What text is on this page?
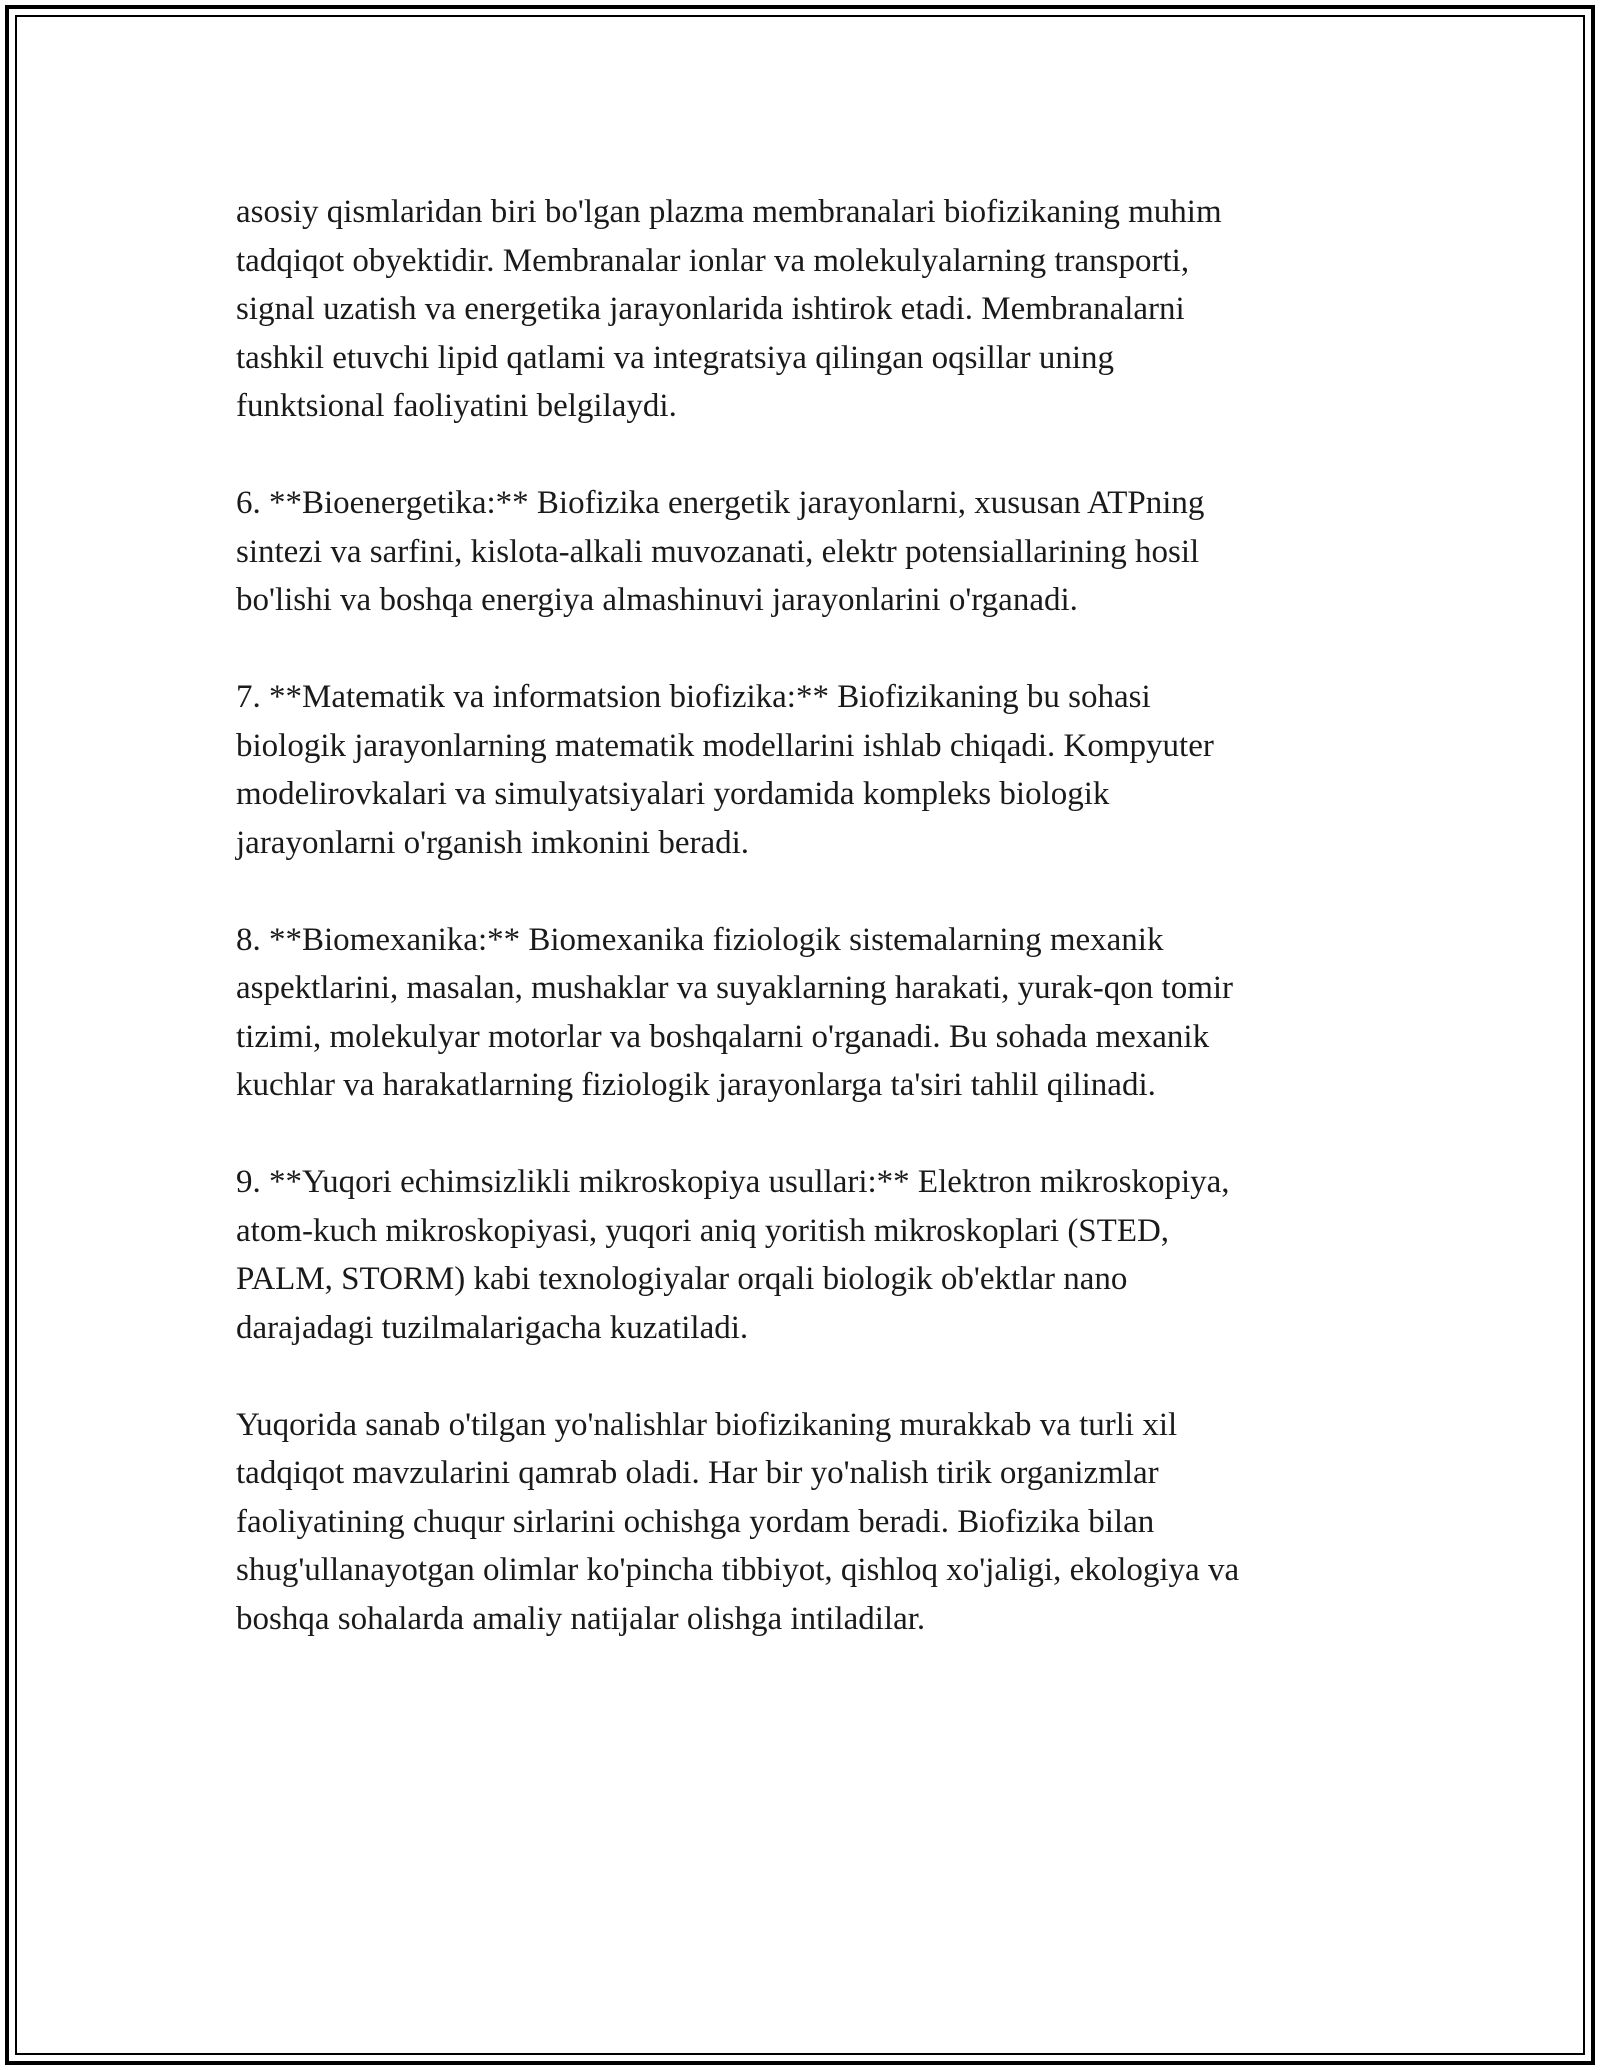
asosiy qismlaridan biri bo'lgan plazma membranalari biofizikaning muhim
tadqiqot obyektidir. Membranalar ionlar va molekulyalarning transporti,
signal uzatish va energetika jarayonlarida ishtirok etadi. Membranalarni
tashkil etuvchi lipid qatlami va integratsiya qilingan oqsillar uning
funktsional faoliyatini belgilaydi.

6. **Bioenergetika:** Biofizika energetik jarayonlarni, xususan ATPning
sintezi va sarfini, kislota-alkali muvozanati, elektr potensiallarining hosil
bo'lishi va boshqa energiya almashinuvi jarayonlarini o'rganadi.

7. **Matematik va informatsion biofizika:** Biofizikaning bu sohasi
biologik jarayonlarning matematik modellarini ishlab chiqadi. Kompyuter
modelirovkalari va simulyatsiyalari yordamida kompleks biologik
jarayonlarni o'rganish imkonini beradi.

8. **Biomexanika:** Biomexanika fiziologik sistemalarning mexanik
aspektlarini, masalan, mushaklar va suyaklarning harakati, yurak-qon tomir
tizimi, molekulyar motorlar va boshqalarni o'rganadi. Bu sohada mexanik
kuchlar va harakatlarning fiziologik jarayonlarga ta'siri tahlil qilinadi.

9. **Yuqori echimsizlikli mikroskopiya usullari:** Elektron mikroskopiya,
atom-kuch mikroskopiyasi, yuqori aniq yoritish mikroskoplari (STED,
PALM, STORM) kabi texnologiyalar orqali biologik ob'ektlar nano
darajadagi tuzilmalarigacha kuzatiladi.

Yuqorida sanab o'tilgan yo'nalishlar biofizikaning murakkab va turli xil
tadqiqot mavzularini qamrab oladi. Har bir yo'nalish tirik organizmlar
faoliyatining chuqur sirlarini ochishga yordam beradi. Biofizika bilan
shug'ullanayotgan olimlar ko'pincha tibbiyot, qishloq xo'jaligi, ekologiya va
boshqa sohalarda amaliy natijalar olishga intiladilar.
